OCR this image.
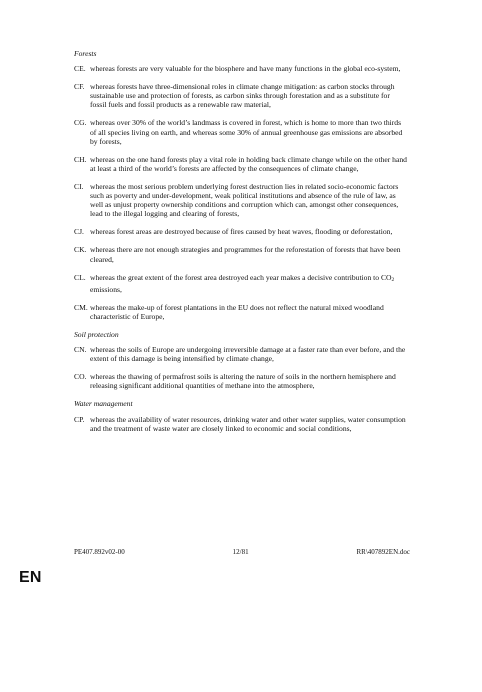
Forests
CE. whereas forests are very valuable for the biosphere and have many functions in the global eco-system,
CF. whereas forests have three-dimensional roles in climate change mitigation: as carbon stocks through sustainable use and protection of forests, as carbon sinks through forestation and as a substitute for fossil fuels and fossil products as a renewable raw material,
CG. whereas over 30% of the world’s landmass is covered in forest, which is home to more than two thirds of all species living on earth, and whereas some 30% of annual greenhouse gas emissions are absorbed by forests,
CH. whereas on the one hand forests play a vital role in holding back climate change while on the other hand at least a third of the world’s forests are affected by the consequences of climate change,
CI. whereas the most serious problem underlying forest destruction lies in related socio-economic factors such as poverty and under-development, weak political institutions and absence of the rule of law, as well as unjust property ownership conditions and corruption which can, amongst other consequences, lead to the illegal logging and clearing of forests,
CJ. whereas forest areas are destroyed because of fires caused by heat waves, flooding or deforestation,
CK. whereas there are not enough strategies and programmes for the reforestation of forests that have been cleared,
CL. whereas the great extent of the forest area destroyed each year makes a decisive contribution to $CO_2$ emissions,
CM. whereas the make-up of forest plantations in the EU does not reflect the natural mixed woodland characteristic of Europe,
Soil protection
CN. whereas the soils of Europe are undergoing irreversible damage at a faster rate than ever before, and the extent of this damage is being intensified by climate change,
CO. whereas the thawing of permafrost soils is altering the nature of soils in the northern hemisphere and releasing significant additional quantities of methane into the atmosphere,
Water management
CP. whereas the availability of water resources, drinking water and other water supplies, water consumption and the treatment of waste water are closely linked to economic and social conditions,
PE407.892v02-00	12/81	RR\407892EN.doc
EN
